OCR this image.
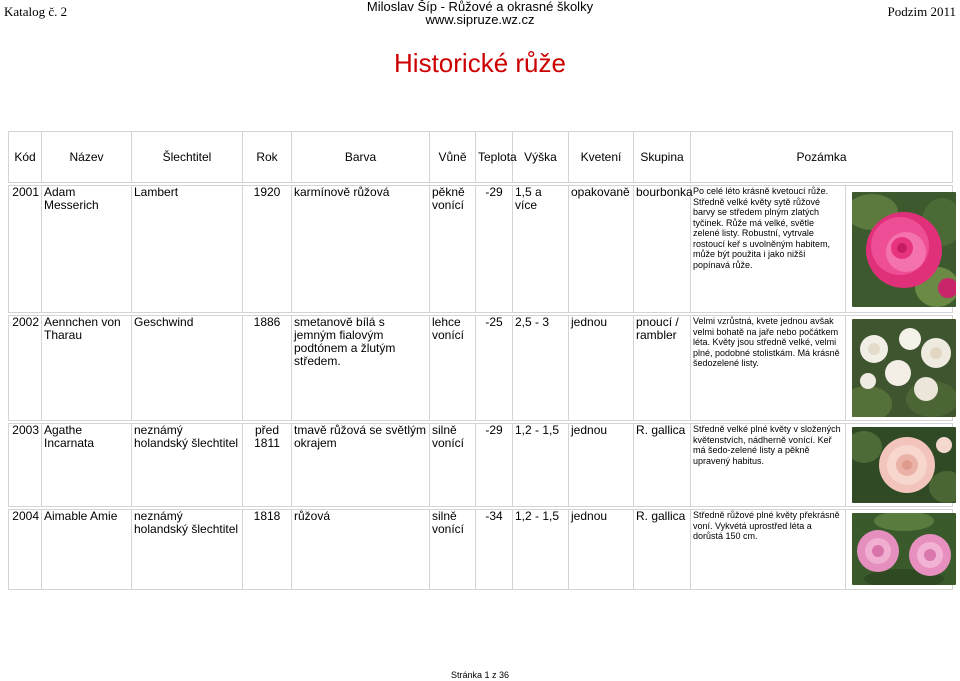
Katalog č. 2	Miloslav Šíp - Růžové a okrasné školky
www.sipruze.wz.cz
Podzim 2011
Historické růže
Kód	Název	Šlechtitel	Rok	Barva	Vůně	Teplota	Výška	Kvetení	Skupina	Pozámka	

2001	Adam Messerich	Lambert	1920	karmínově růžová	pěkně vonící	-29	1,5 a více	opakovaně	bourbonka	Po celé léto krásně kvetoucí růže. Středně velké květy sytě růžové barvy se středem plným zlatých tyčinek. Růže má velké, světle zelené listy. Robustní, vytrvale rostoucí keř s uvolněným habitem, může být použita i jako nižší popínavá růže.	

2002	Aennchen von Tharau	Geschwind	1886	smetanově bílá s jemným fialovým podtónem a žlutým středem.	lehce vonící	-25	2,5 - 3	jednou	pnoucí / rambler	Velmi vzrůstná, kvete jednou avšak velmi bohatě na jaře nebo počátkem léta. Květy jsou středně velké, velmi plné, podobné stolistkám. Má krásně šedozelené listy.	

2003	Agathe Incarnata	neznámý holandský šlechtitel	před 1811	tmavě růžová se světlým okrajem	silně vonící	-29	1,2 - 1,5	jednou	R. gallica	Středně velké plné květy v složených květenstvích, nádherně vonící. Keř má šedo-zelené listy a pěkně upravený habitus.	

2004	Aimable Amie	neznámý holandský šlechtitel	1818	růžová	silně vonící	-34	1,2 - 1,5	jednou	R. gallica	Středně růžové plné květy překrásně voní. Vykvétá uprostřed léta a dorůstá 150 cm.	
Stránka 1 z 36
